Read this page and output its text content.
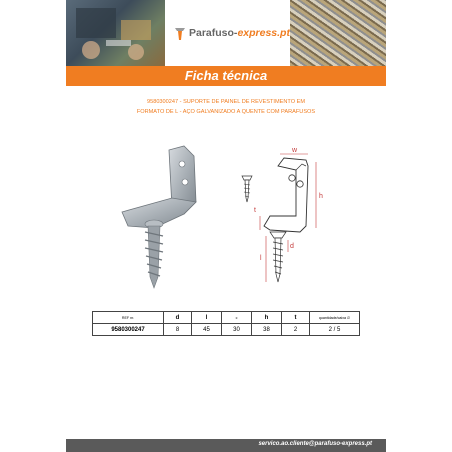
Parafuso-express.pt
Ficha técnica
9580300247 - SUPORTE DE PAINEL DE REVESTIMENTO EM
FORMATO DE L - AÇO GALVANIZADO A QUENTE COM PARAFUSOS
w
h
t
l
d
REF nr.	d	l	c	h	t	quantidade/caixa ∅
9580300247	8	45	30	38	2	2 / 5
servico.ao.cliente@parafuso-express.pt
